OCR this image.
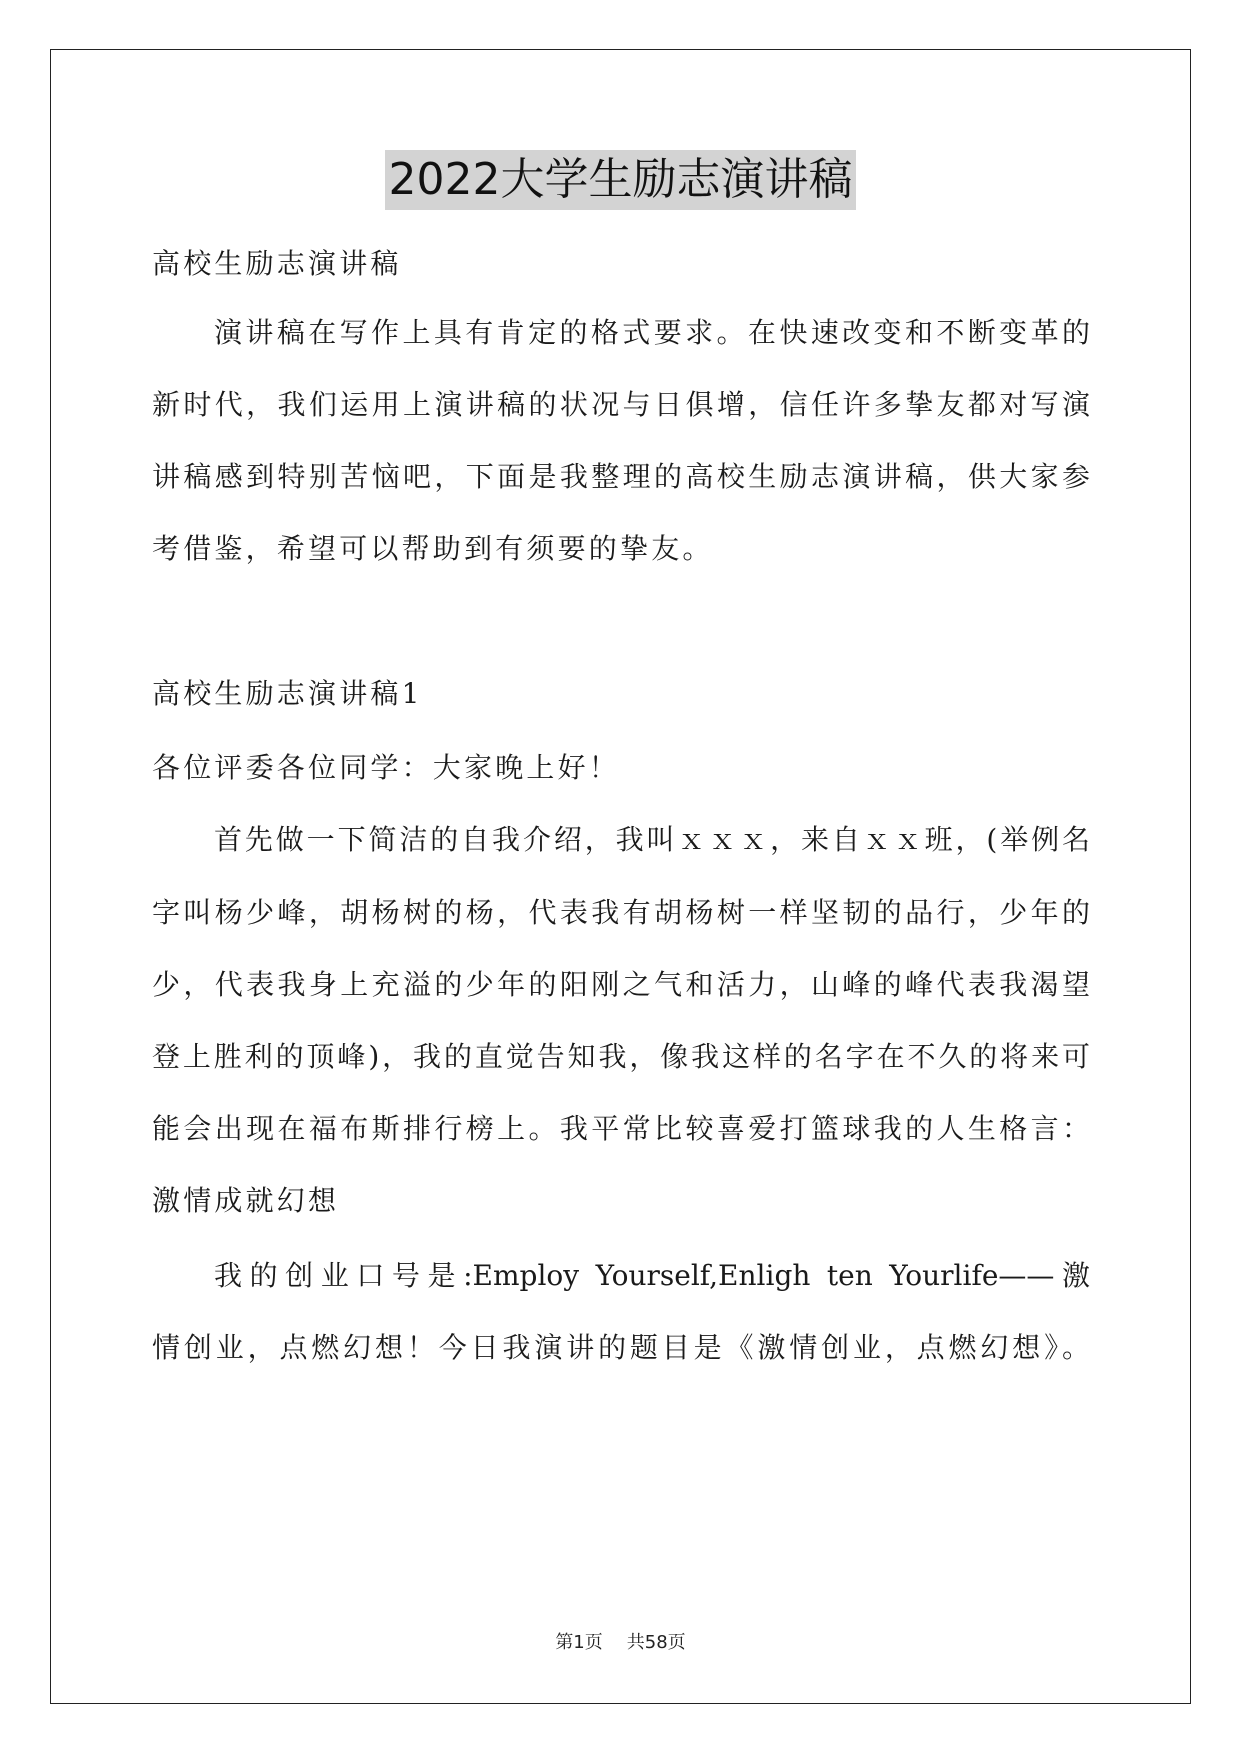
2022大学生励志演讲稿
高校生励志演讲稿
演讲稿在写作上具有肯定的格式要求。在快速改变和不断变革的
新时代，我们运用上演讲稿的状况与日俱增，信任许多挚友都对写演
讲稿感到特别苦恼吧，下面是我整理的高校生励志演讲稿，供大家参
考借鉴，希望可以帮助到有须要的挚友。
高校生励志演讲稿1
各位评委各位同学：大家晚上好！
首先做一下简洁的自我介绍，我叫ｘｘｘ，来自ｘｘ班，(举例名
字叫杨少峰，胡杨树的杨，代表我有胡杨树一样坚韧的品行，少年的
少，代表我身上充溢的少年的阳刚之气和活力，山峰的峰代表我渴望
登上胜利的顶峰)，我的直觉告知我，像我这样的名字在不久的将来可
能会出现在福布斯排行榜上。我平常比较喜爱打篮球我的人生格言：
激情成就幻想
我的创业口号是:Employ Yourself,Enligh ten Yourlife——激
情创业，点燃幻想！今日我演讲的题目是《激情创业，点燃幻想》。
第1页 共58页
